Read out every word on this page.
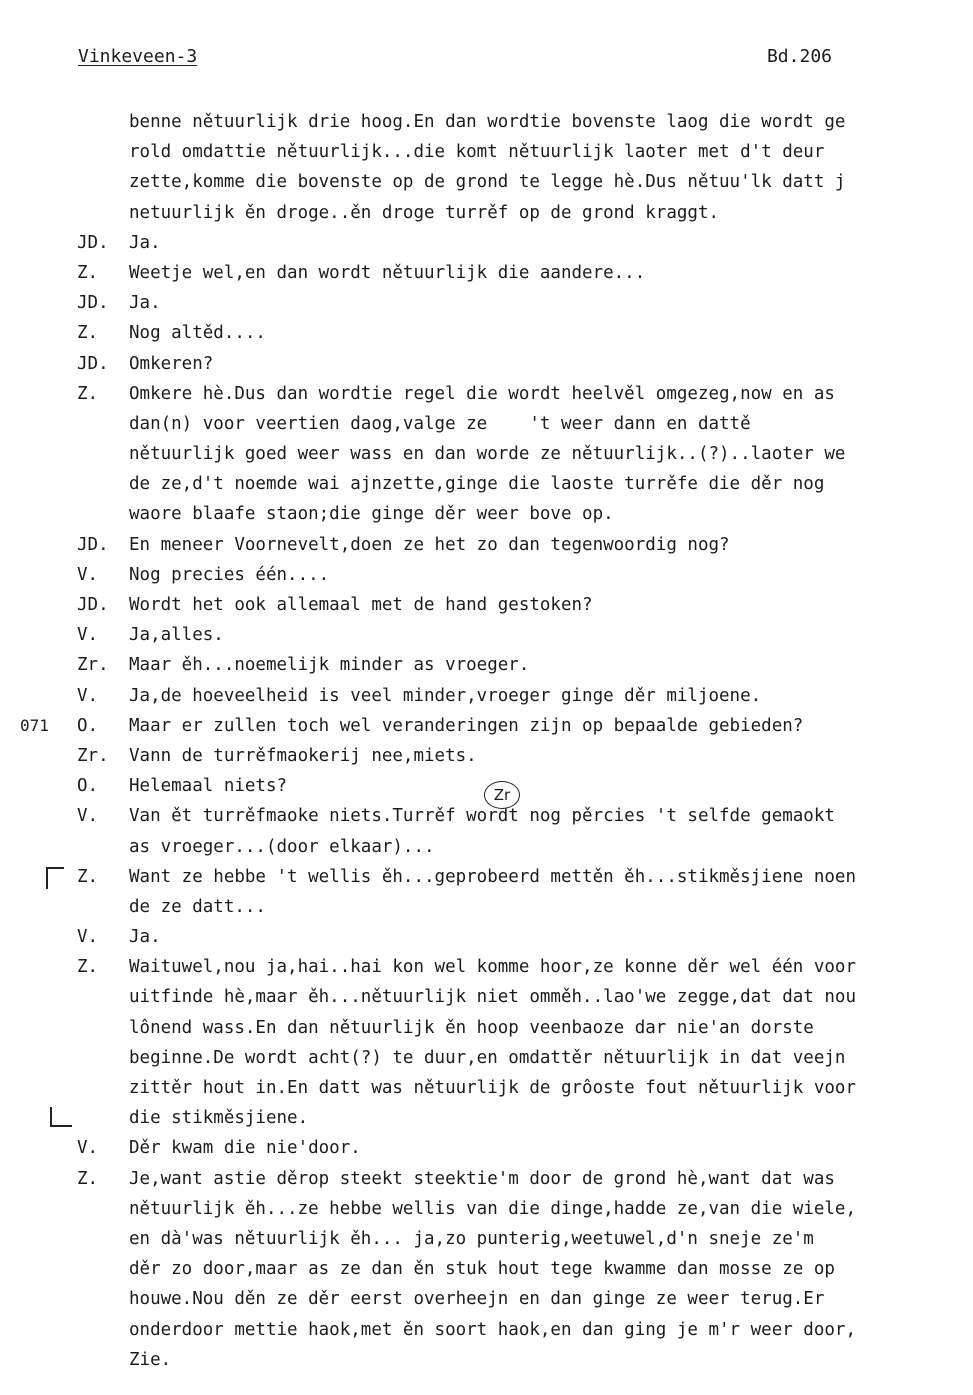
Vinkeveen-3	Bd.206
benne nětuurlijk drie hoog.En dan wordtie bovenste laog die wordt ge
rold omdattie nětuurlijk...die komt nětuurlijk laoter met d't deur
zette,komme die bovenste op de grond te legge hè.Dus nětuu'lk datt j
netuurlijk ěn droge..ěn droge turrěf op de grond kraggt.
JD. Ja.
Z. Weetje wel,en dan wordt nětuurlijk die aandere...
JD. Ja.
Z. Nog altěd....
JD. Omkeren?
Z. Omkere hè.Dus dan wordtie regel die wordt heelvěl omgezeg,now en as
dan(n) voor veertien daog,valge ze    't weer dann en dattě
nětuurlijk goed weer wass en dan worde ze nětuurlijk..(?)..laoter we
de ze,d't noemde wai ajnzette,ginge die laoste turrěfe die děr nog
waore blaafe staon;die ginge děr weer bove op.
JD. En meneer Voornevelt,doen ze het zo dan tegenwoordig nog?
V. Nog precies één....
JD. Wordt het ook allemaal met de hand gestoken?
V. Ja,alles.
Zr. Maar ěh...noemelijk minder as vroeger.
V. Ja,de hoeveelheid is veel minder,vroeger ginge děr miljoene.
071 O. Maar er zullen toch wel veranderingen zijn op bepaalde gebieden?
Zr. Vann de turrěfmaokerij nee,miets.
O. Helemaal niets?
V. Van ět turrěfmaoke niets.Turrěf wordt nog pěrcies 't selfde gemaokt
as vroeger...(door elkaar)...
Z. Want ze hebbe 't wellis ěh...geprobeerd mettěn ěh...stikměsjiene noen
de ze datt...
V. Ja.
Z. Waituwel,nou ja,hai..hai kon wel komme hoor,ze konne děr wel één voor
uitfinde hè,maar ěh...nětuurlijk niet omměh..lao'we zegge,dat dat nou
lônend wass.En dan nětuurlijk ěn hoop veenbaoze dar nie'an dorste
beginne.De wordt acht(?) te duur,en omdattěr nětuurlijk in dat veejn
zittěr hout in.En datt was nětuurlijk de grôoste fout nětuurlijk voor
die stikměsjiene.
V. Děr kwam die nie'door.
Z. Je,want astie děrop steekt steektie'm door de grond hè,want dat was
nětuurlijk ěh...ze hebbe wellis van die dinge,hadde ze,van die wiele,
en dà'was nětuurlijk ěh... ja,zo punterig,weetuwel,d'n sneje ze'm
děr zo door,maar as ze dan ěn stuk hout tege kwamme dan mosse ze op
houwe.Nou děn ze děr eerst overheejn en dan ginge ze weer terug.Er
onderdoor mettie haok,met ěn soort haok,en dan ging je m'r weer door,
Zie.
Zr
